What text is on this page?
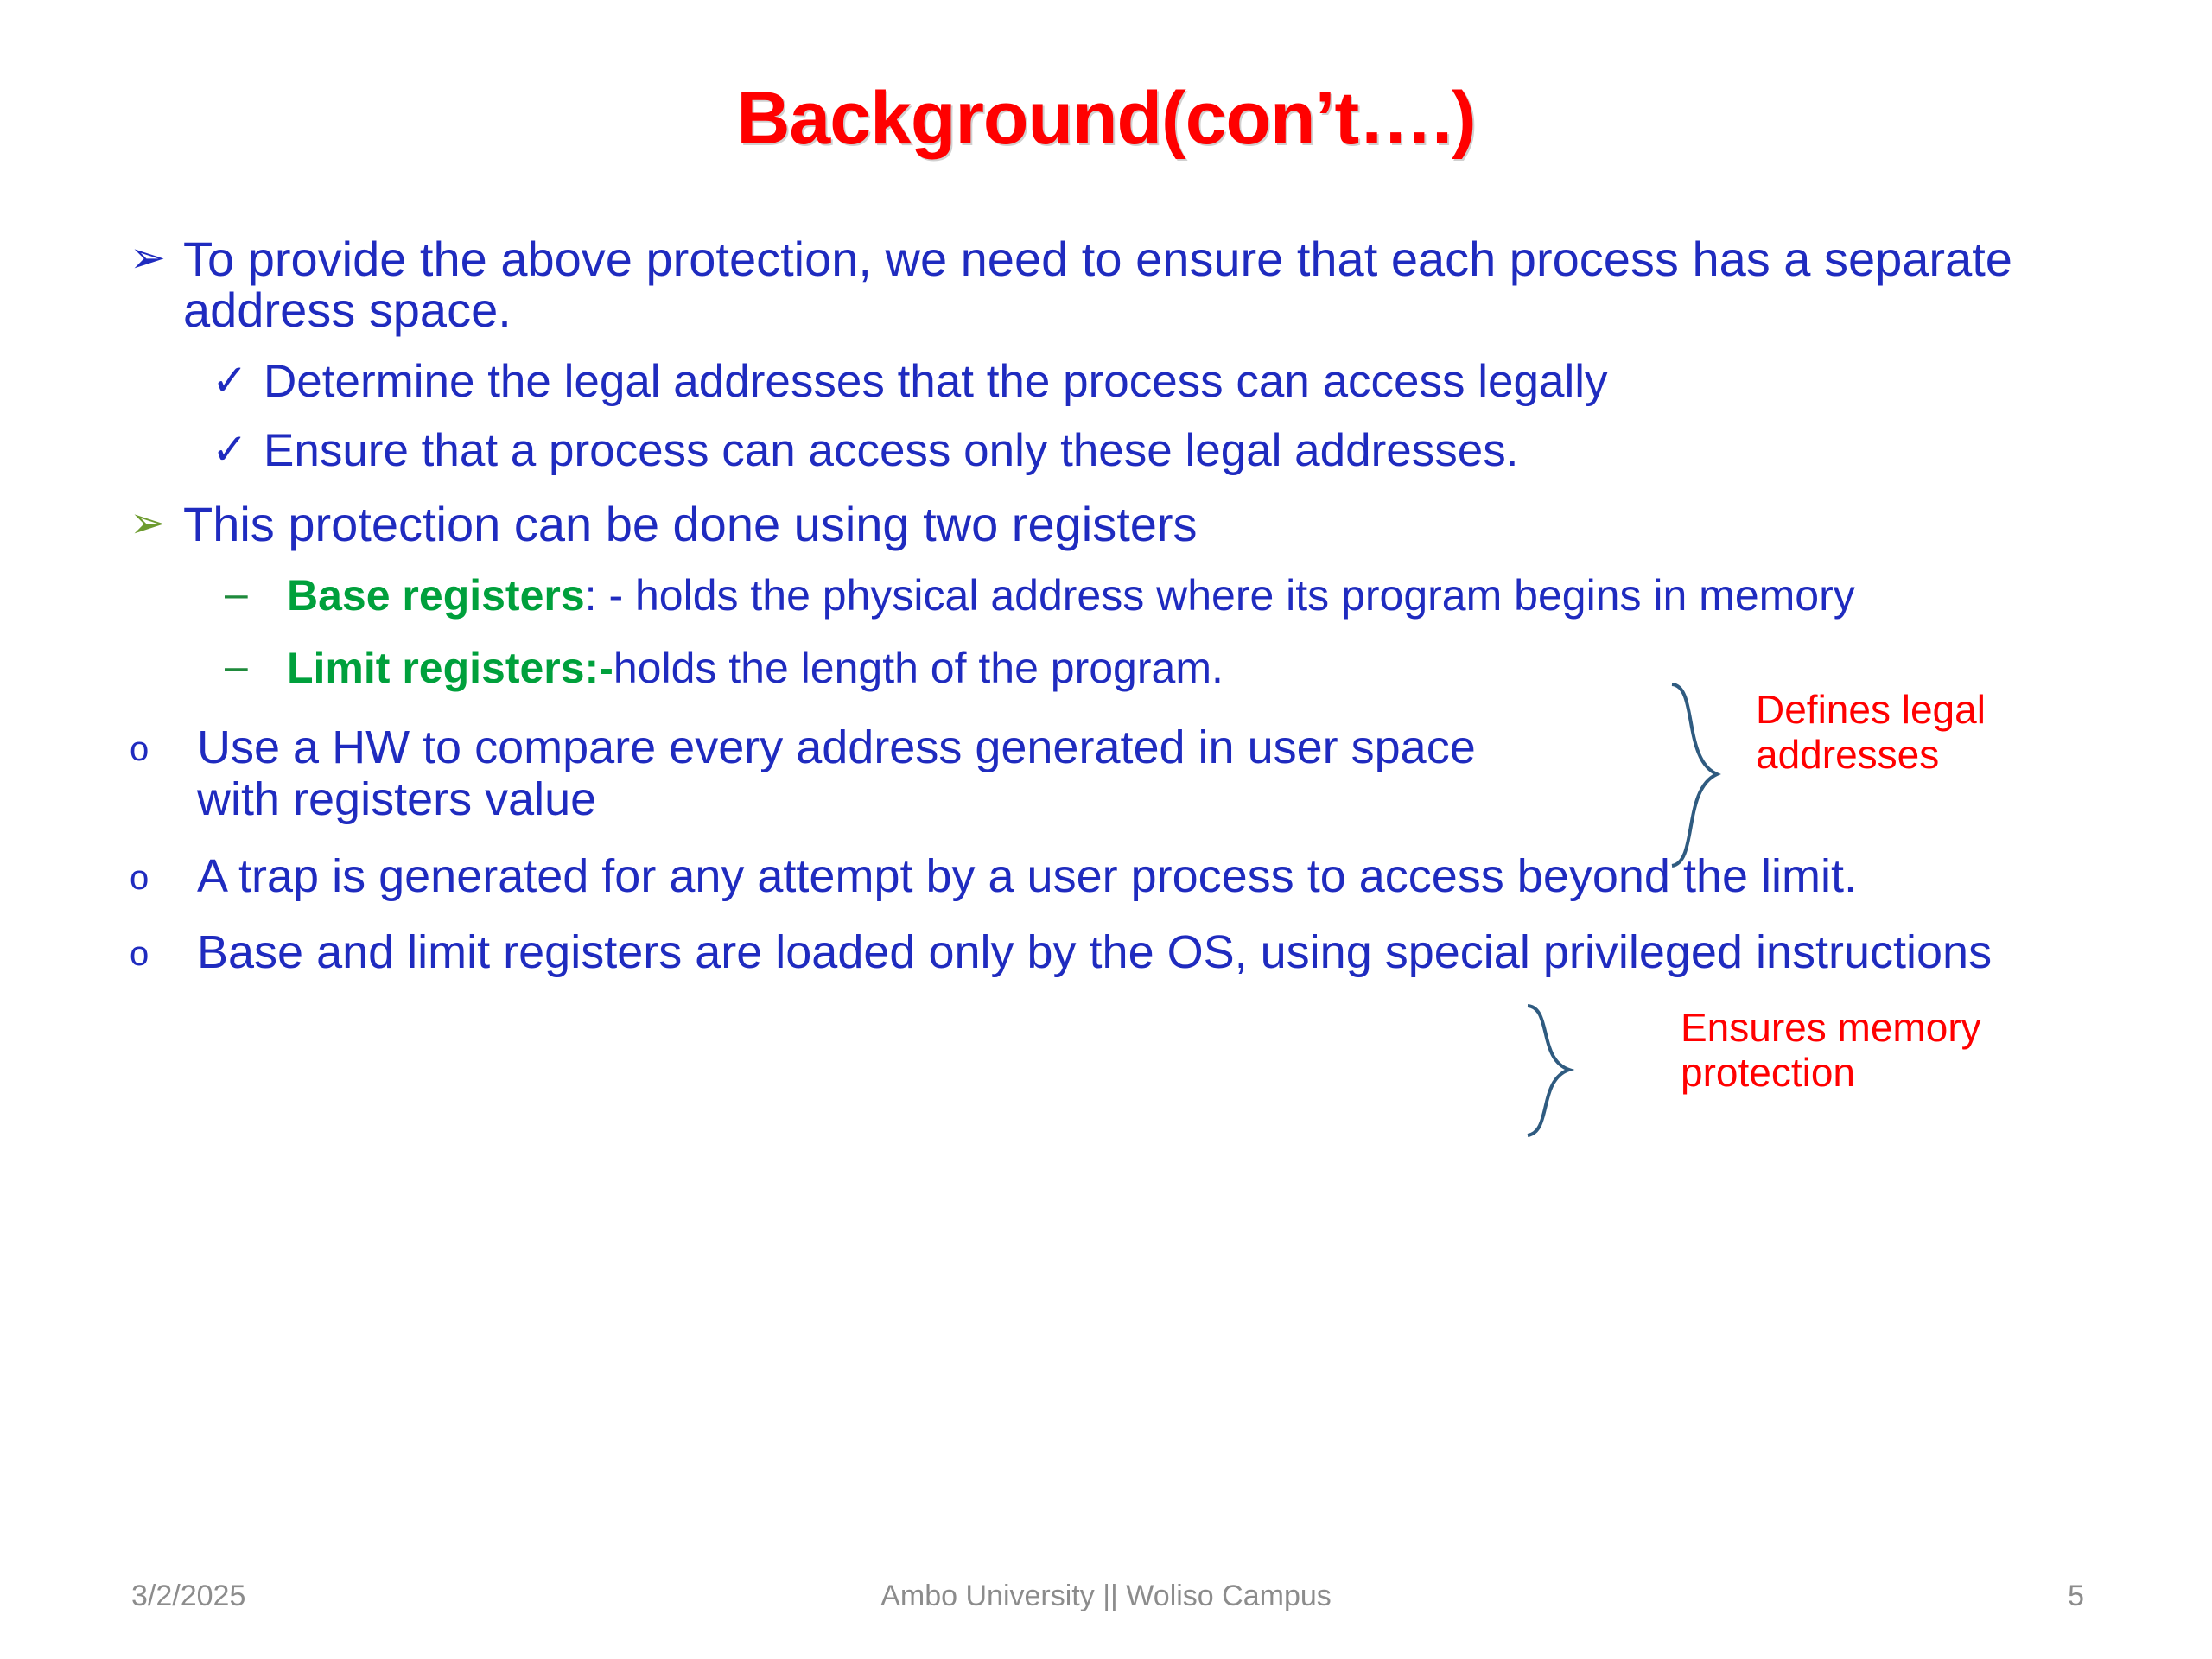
Background(con’t….)
➢ To provide the above protection, we need to ensure that each process has a separate address space.
✓ Determine the legal addresses that the process can access legally
✓ Ensure that a process can access only these legal addresses.
➢ This protection can be done using two registers
– Base registers: - holds the physical address where its program begins in memory
– Limit registers:-holds the length of the program.
o	Use a HW to compare every address generated in user space with registers value
o	A trap is generated for any attempt by a user process to access beyond the limit.
o	Base and limit registers are loaded only by the OS, using special privileged instructions
Defines legal addresses
Ensures memory protection
3/2/2025	Ambo University || Woliso Campus	5
